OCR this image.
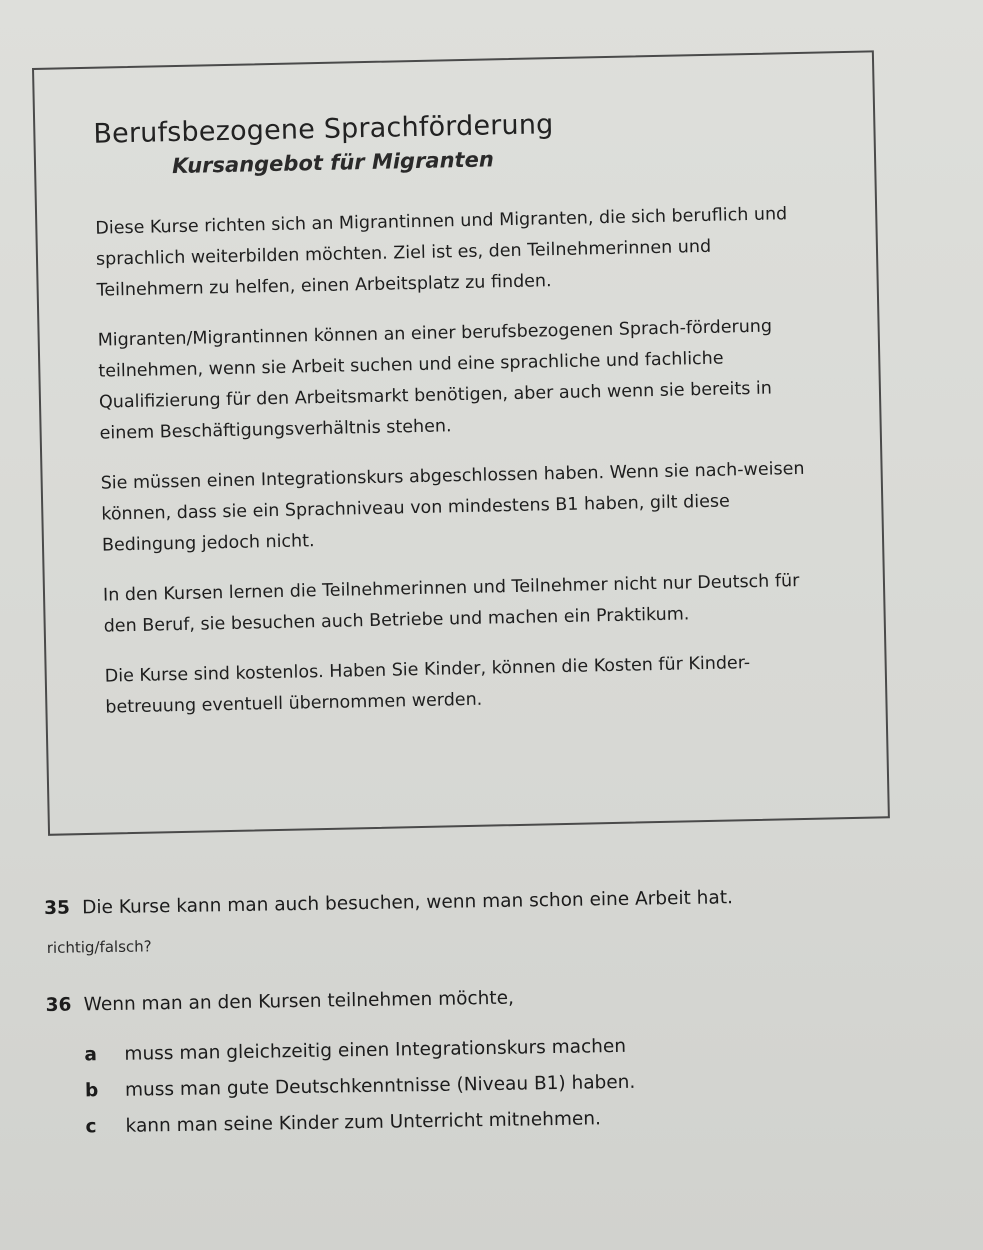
Berufsbezogene Sprachförderung
Kursangebot für Migranten

Diese Kurse richten sich an Migrantinnen und Migranten, die sich beruflich und sprachlich weiterbilden möchten. Ziel ist es, den Teilnehmerinnen und Teilnehmern zu helfen, einen Arbeitsplatz zu finden.

Migranten/Migrantinnen können an einer berufsbezogenen Sprach-förderung teilnehmen, wenn sie Arbeit suchen und eine sprachliche und fachliche Qualifizierung für den Arbeitsmarkt benötigen, aber auch wenn sie bereits in einem Beschäftigungsverhältnis stehen.

Sie müssen einen Integrationskurs abgeschlossen haben. Wenn sie nach-weisen können, dass sie ein Sprachniveau von mindestens B1 haben, gilt diese Bedingung jedoch nicht.

In den Kursen lernen die Teilnehmerinnen und Teilnehmer nicht nur Deutsch für den Beruf, sie besuchen auch Betriebe und machen ein Praktikum.

Die Kurse sind kostenlos. Haben Sie Kinder, können die Kosten für Kinder-betreuung eventuell übernommen werden.

35 Die Kurse kann man auch besuchen, wenn man schon eine Arbeit hat.

richtig/falsch?

36 Wenn man an den Kursen teilnehmen möchte,

a muss man gleichzeitig einen Integrationskurs machen
b muss man gute Deutschkenntnisse (Niveau B1) haben.
c kann man seine Kinder zum Unterricht mitnehmen.
